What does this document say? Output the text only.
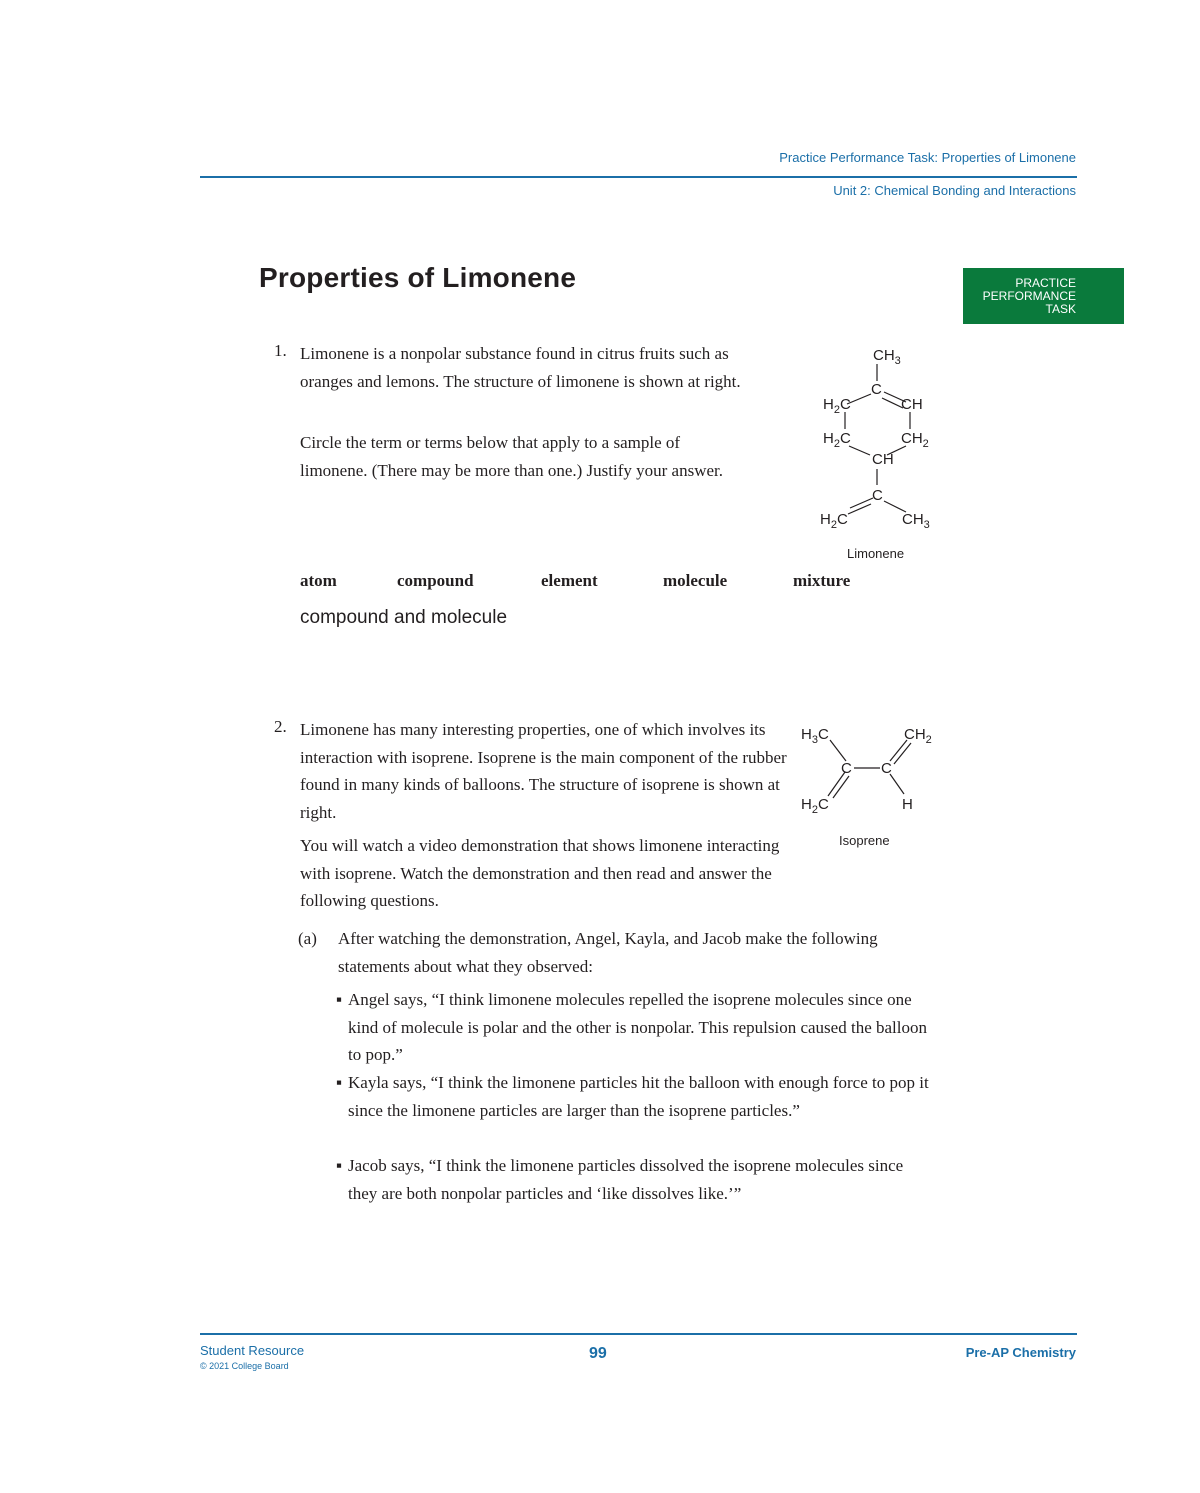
Practice Performance Task: Properties of Limonene
Unit 2: Chemical Bonding and Interactions
PRACTICE
PERFORMANCE
TASK
Properties of Limonene
1. Limonene is a nonpolar substance found in citrus fruits such as oranges and lemons. The structure of limonene is shown at right.
Circle the term or terms below that apply to a sample of limonene. (There may be more than one.) Justify your answer.
atom	compound	element	molecule	mixture
compound and molecule
$CH_3$
C
$H_2C$	CH
$H_2C$	$CH_2$
CH
C
$H_2C$	$CH_3$
Limonene
2. Limonene has many interesting properties, one of which involves its interaction with isoprene. Isoprene is the main component of the rubber found in many kinds of balloons. The structure of isoprene is shown at right.
You will watch a video demonstration that shows limonene interacting with isoprene. Watch the demonstration and then read and answer the following questions.
(a) After watching the demonstration, Angel, Kayla, and Jacob make the following statements about what they observed:
▪ Angel says, “I think limonene molecules repelled the isoprene molecules since one kind of molecule is polar and the other is nonpolar. This repulsion caused the balloon to pop.”
▪ Kayla says, “I think the limonene particles hit the balloon with enough force to pop it since the limonene particles are larger than the isoprene particles.”
▪ Jacob says, “I think the limonene particles dissolved the isoprene molecules since they are both nonpolar particles and ‘like dissolves like.’”
$H_3C$	$CH_2$
C C
$H_2C$	H
Isoprene
Student Resource
© 2021 College Board
99	Pre-AP Chemistry
